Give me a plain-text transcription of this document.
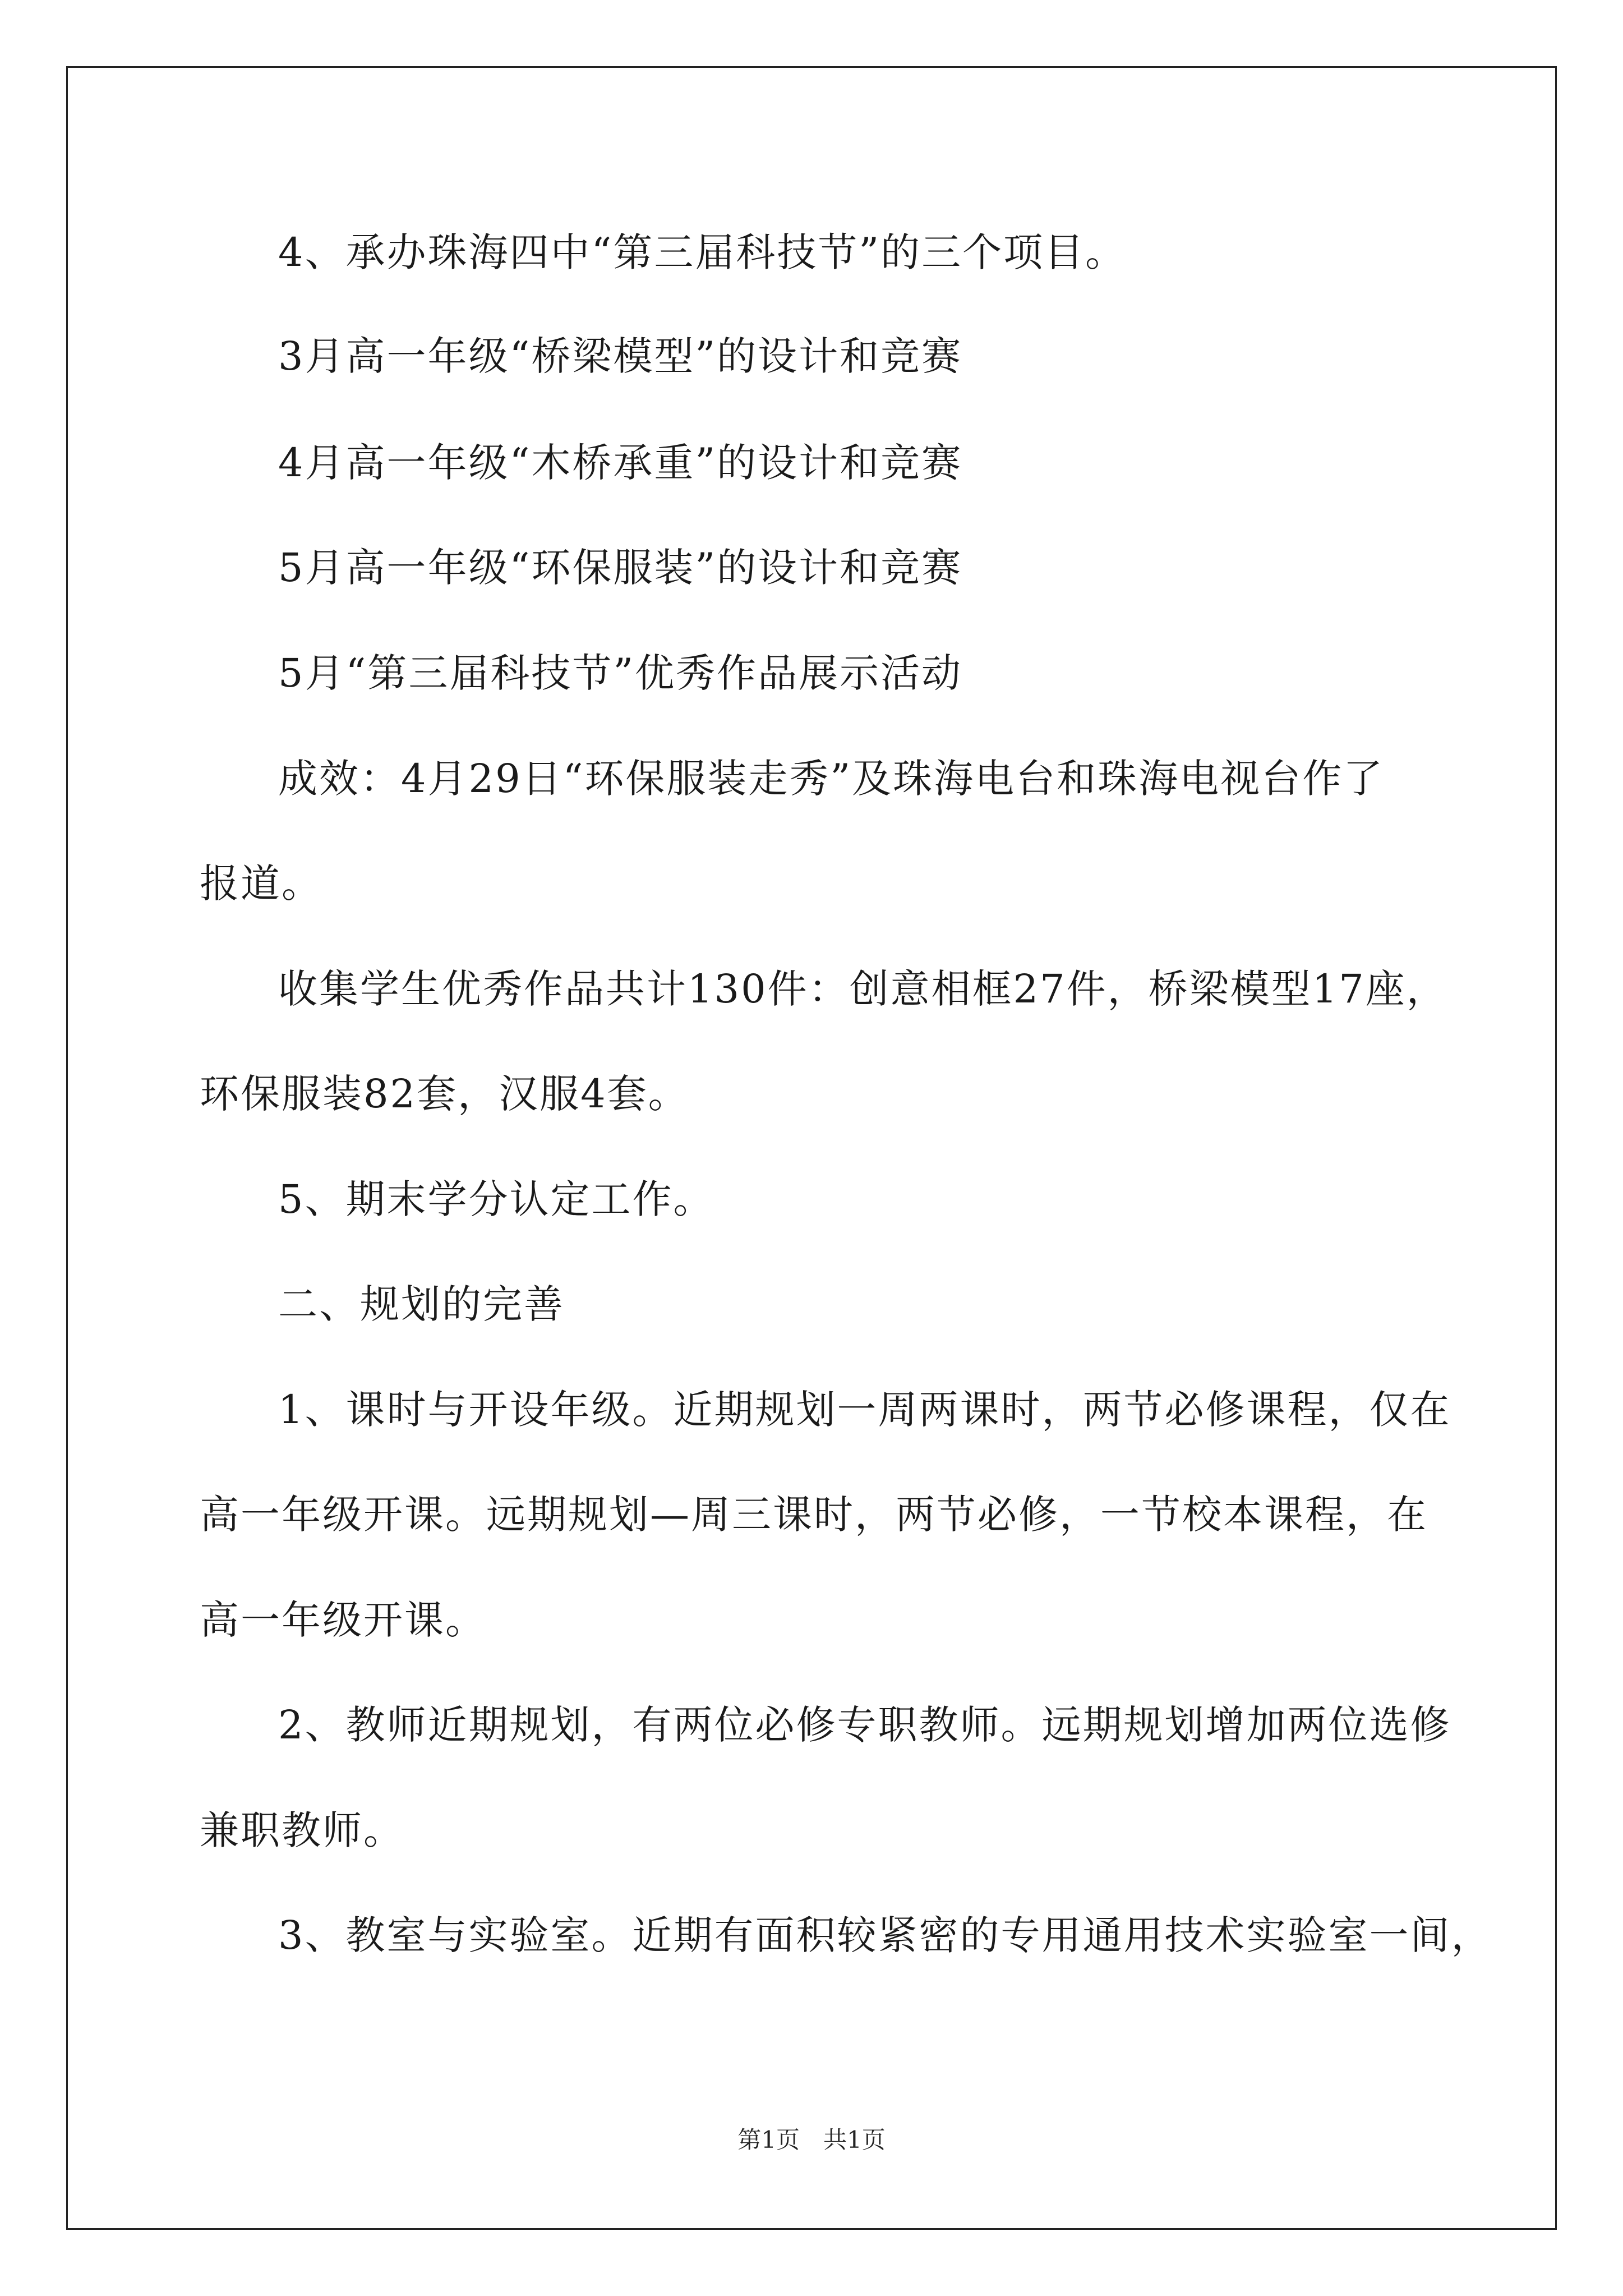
4、承办珠海四中“第三届科技节”的三个项目。
3月高一年级“桥梁模型”的设计和竞赛
4月高一年级“木桥承重”的设计和竞赛
5月高一年级“环保服装”的设计和竞赛
5月“第三届科技节”优秀作品展示活动
成效：4月29日“环保服装走秀”及珠海电台和珠海电视台作了
报道。
收集学生优秀作品共计130件：创意相框27件，桥梁模型17座，
环保服装82套，汉服4套。
5、期末学分认定工作。
二、规划的完善
1、课时与开设年级。近期规划一周两课时，两节必修课程，仅在
高一年级开课。远期规划—周三课时，两节必修，一节校本课程，在
高一年级开课。
2、教师近期规划，有两位必修专职教师。远期规划增加两位选修
兼职教师。
3、教室与实验室。近期有面积较紧密的专用通用技术实验室一间，
第1页　共1页
